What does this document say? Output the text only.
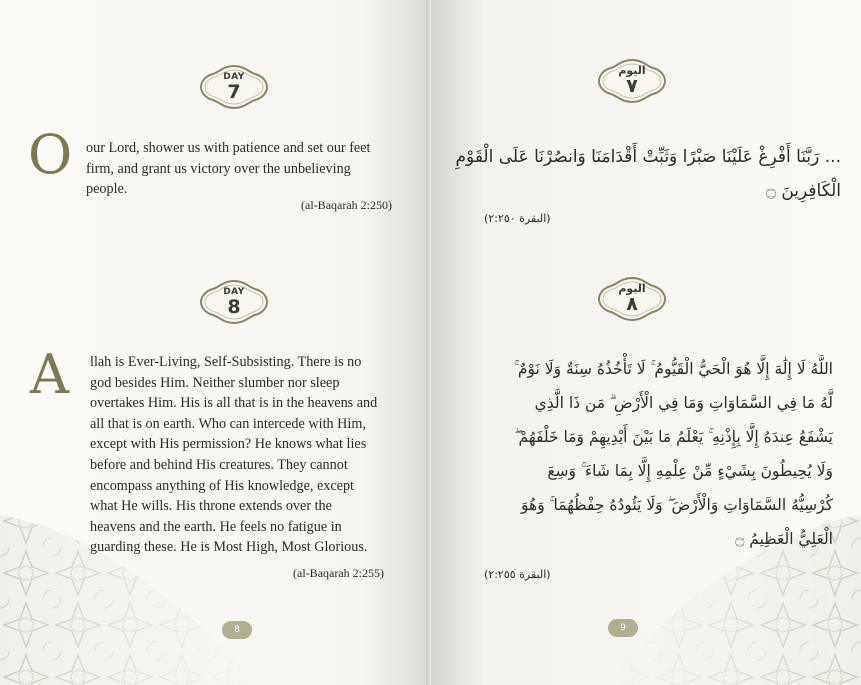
DAY
7
O our Lord, shower us with patience and set our feet firm, and grant us victory over the unbelieving people.
(al-Baqarah 2:250)
DAY
8
A llah is Ever-Living, Self-Subsisting. There is no god besides Him. Neither slumber nor sleep overtakes Him. His is all that is in the heavens and all that is on earth. Who can intercede with Him, except with His permission? He knows what lies before and behind His creatures. They cannot encompass anything of His knowledge, except what He wills. His throne extends over the heavens and the earth. He feels no fatigue in guarding these. He is Most High, Most Glorious.
(al-Baqarah 2:255)
8
اليوم
٧
... رَبَّنَا أَفْرِغْ عَلَيْنَا صَبْرًا وَثَبِّتْ أَقْدَامَنَا وَانصُرْنَا عَلَى الْقَوْمِ
الْكَافِرِينَ ۝
(البقرة ٢:٢٥٠)
اليوم
٨
اللَّهُ لَا إِلَٰهَ إِلَّا هُوَ الْحَيُّ الْقَيُّومُ ۚ لَا تَأْخُذُهُ سِنَةٌ وَلَا نَوْمٌ ۚ
لَّهُ مَا فِي السَّمَاوَاتِ وَمَا فِي الْأَرْضِ ۗ مَن ذَا الَّذِي
يَشْفَعُ عِندَهُ إِلَّا بِإِذْنِهِ ۚ يَعْلَمُ مَا بَيْنَ أَيْدِيهِمْ وَمَا خَلْفَهُمْ ۖ
وَلَا يُحِيطُونَ بِشَيْءٍ مِّنْ عِلْمِهِ إِلَّا بِمَا شَاءَ ۚ وَسِعَ
كُرْسِيُّهُ السَّمَاوَاتِ وَالْأَرْضَ ۖ وَلَا يَئُودُهُ حِفْظُهُمَا ۚ وَهُوَ
الْعَلِيُّ الْعَظِيمُ ۝
(البقرة ٢:٢٥٥)
9
